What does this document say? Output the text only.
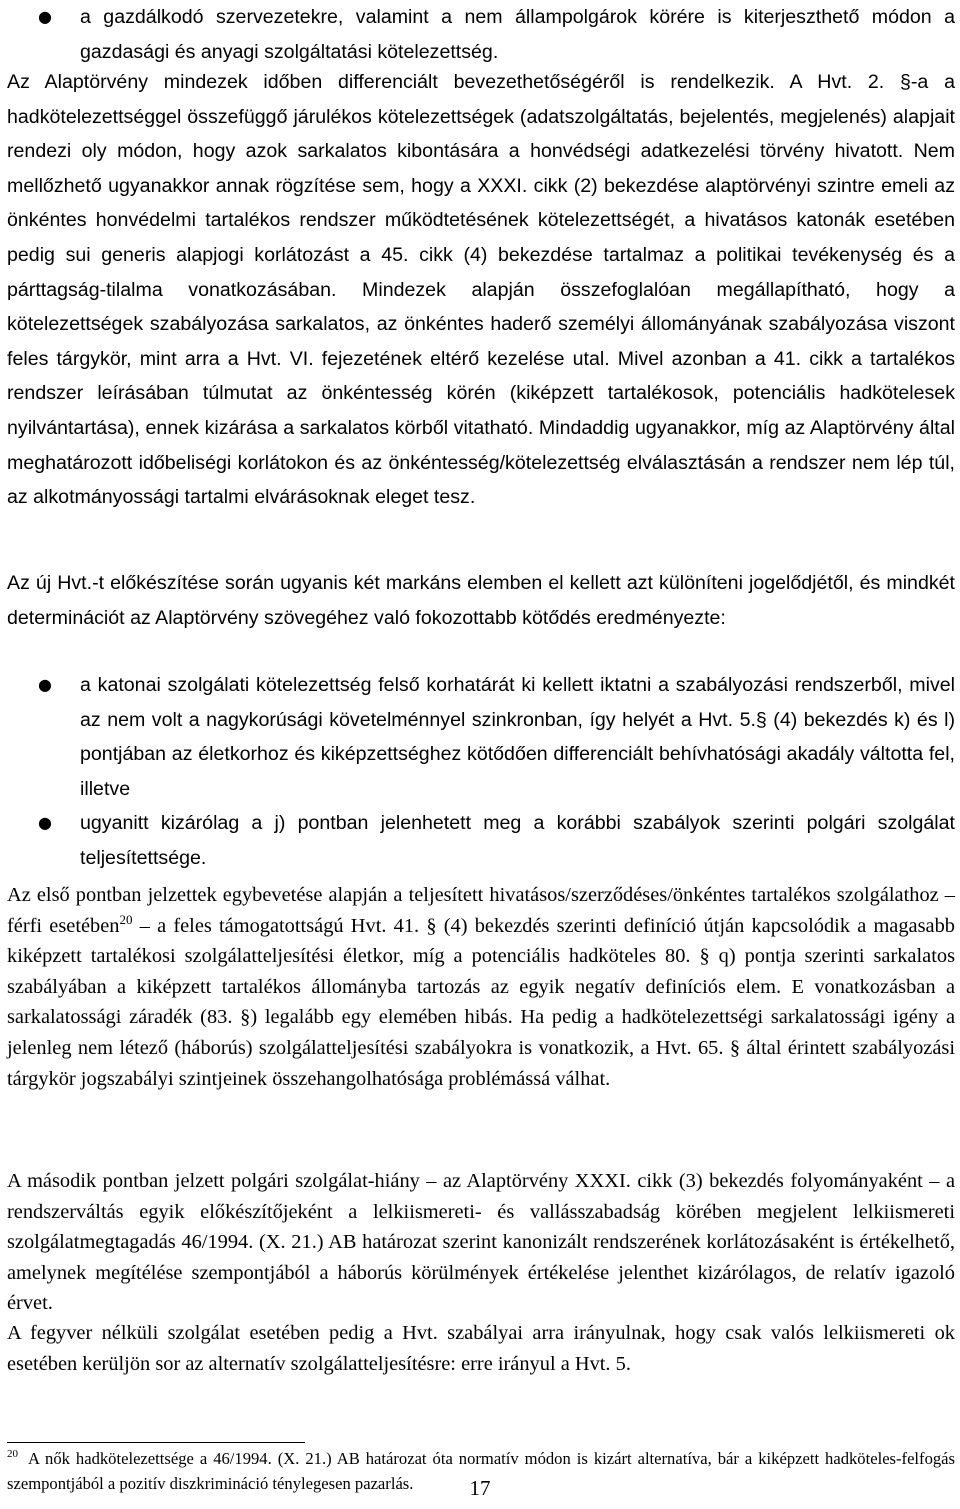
● a gazdálkodó szervezetekre, valamint a nem állampolgárok körére is kiterjeszthető módon a gazdasági és anyagi szolgáltatási kötelezettség.

Az Alaptörvény mindezek időben differenciált bevezethetőségéről is rendelkezik. A Hvt. 2. §-a a hadkötelezettséggel összefüggő járulékos kötelezettségek (adatszolgáltatás, bejelentés, megjelenés) alapjait rendezi oly módon, hogy azok sarkalatos kibontására a honvédségi adatkezelési törvény hivatott. Nem mellőzhető ugyanakkor annak rögzítése sem, hogy a XXXI. cikk (2) bekezdése alaptörvényi szintre emeli az önkéntes honvédelmi tartalékos rendszer működtetésének kötelezettségét, a hivatásos katonák esetében pedig sui generis alapjogi korlátozást a 45. cikk (4) bekezdése tartalmaz a politikai tevékenység és a párttagság-tilalma vonatkozásában. Mindezek alapján összefoglalóan megállapítható, hogy a kötelezettségek szabályozása sarkalatos, az önkéntes haderő személyi állományának szabályozása viszont feles tárgykör, mint arra a Hvt. VI. fejezetének eltérő kezelése utal. Mivel azonban a 41. cikk a tartalékos rendszer leírásában túlmutat az önkéntesség körén (kiképzett tartalékosok, potenciális hadkötelesek nyilvántartása), ennek kizárása a sarkalatos körből vitatható. Mindaddig ugyanakkor, míg az Alaptörvény által meghatározott időbeliségi korlátokon és az önkéntesség/kötelezettség elválasztásán a rendszer nem lép túl, az alkotmányossági tartalmi elvárásoknak eleget tesz.

Az új Hvt.-t előkészítése során ugyanis két markáns elemben el kellett azt különíteni jogelődjétől, és mindkét determinációt az Alaptörvény szövegéhez való fokozottabb kötődés eredményezte:

● a katonai szolgálati kötelezettség felső korhatárát ki kellett iktatni a szabályozási rendszerből, mivel az nem volt a nagykorúsági követelménnyel szinkronban, így helyét a Hvt. 5.§ (4) bekezdés k) és l) pontjában az életkorhoz és kiképzettséghez kötődően differenciált behívhatósági akadály váltotta fel, illetve
● ugyanitt kizárólag a j) pontban jelenhetett meg a korábbi szabályok szerinti polgári szolgálat teljesítettsége.

Az első pontban jelzettek egybevetése alapján a teljesített hivatásos/szerződéses/önkéntes tartalékos szolgálathoz – férfi esetében$^{20}$ – a feles támogatottságú Hvt. 41. § (4) bekezdés szerinti definíció útján kapcsolódik a magasabb kiképzett tartalékosi szolgálatteljesítési életkor, míg a potenciális hadköteles 80. § q) pontja szerinti sarkalatos szabályában a kiképzett tartalékos állományba tartozás az egyik negatív definíciós elem. E vonatkozásban a sarkalatossági záradék (83. §) legalább egy elemében hibás. Ha pedig a hadkötelezettségi sarkalatossági igény a jelenleg nem létező (háborús) szolgálatteljesítési szabályokra is vonatkozik, a Hvt. 65. § által érintett szabályozási tárgykör jogszabályi szintjeinek összehangolhatósága problémássá válhat.

A második pontban jelzett polgári szolgálat-hiány – az Alaptörvény XXXI. cikk (3) bekezdés folyományaként – a rendszerváltás egyik előkészítőjeként a lelkiismereti- és vallásszabadság körében megjelent lelkiismereti szolgálatmegtagadás 46/1994. (X. 21.) AB határozat szerint kanonizált rendszerének korlátozásaként is értékelhető, amelynek megítélése szempontjából a háborús körülmények értékelése jelenthet kizárólagos, de relatív igazoló érvet.

A fegyver nélküli szolgálat esetében pedig a Hvt. szabályai arra irányulnak, hogy csak valós lelkiismereti ok esetében kerüljön sor az alternatív szolgálatteljesítésre: erre irányul a Hvt. 5.

$^{20}$ A nők hadkötelezettsége a 46/1994. (X. 21.) AB határozat óta normatív módon is kizárt alternatíva, bár a kiképzett hadköteles-felfogás szempontjából a pozitív diszkrimináció ténylegesen pazarlás.	17
